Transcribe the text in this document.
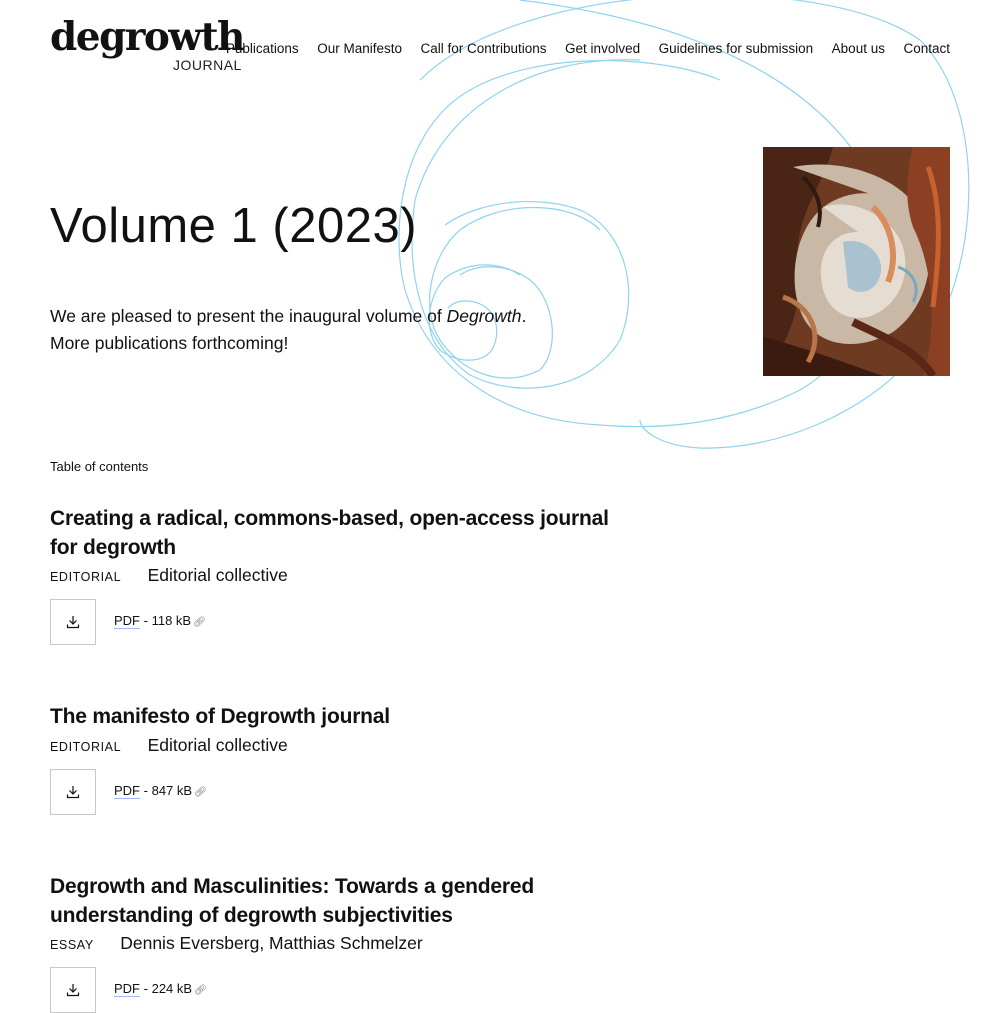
degrowth
JOURNAL
Publications Our Manifesto Call for Contributions Get involved Guidelines for submission About us Contact
Volume 1 (2023)

We are pleased to present the inaugural volume of Degrowth.
More publications forthcoming!

Table of contents
Creating a radical, commons-based, open-access journal for degrowth
EDITORIAL Editorial collective
PDF - 118 kB 🔗︎
The manifesto of Degrowth journal
EDITORIAL Editorial collective
PDF - 847 kB 🔗︎
Degrowth and Masculinities: Towards a gendered understanding of degrowth subjectivities
ESSAY Dennis Eversberg, Matthias Schmelzer
PDF - 224 kB 🔗︎
